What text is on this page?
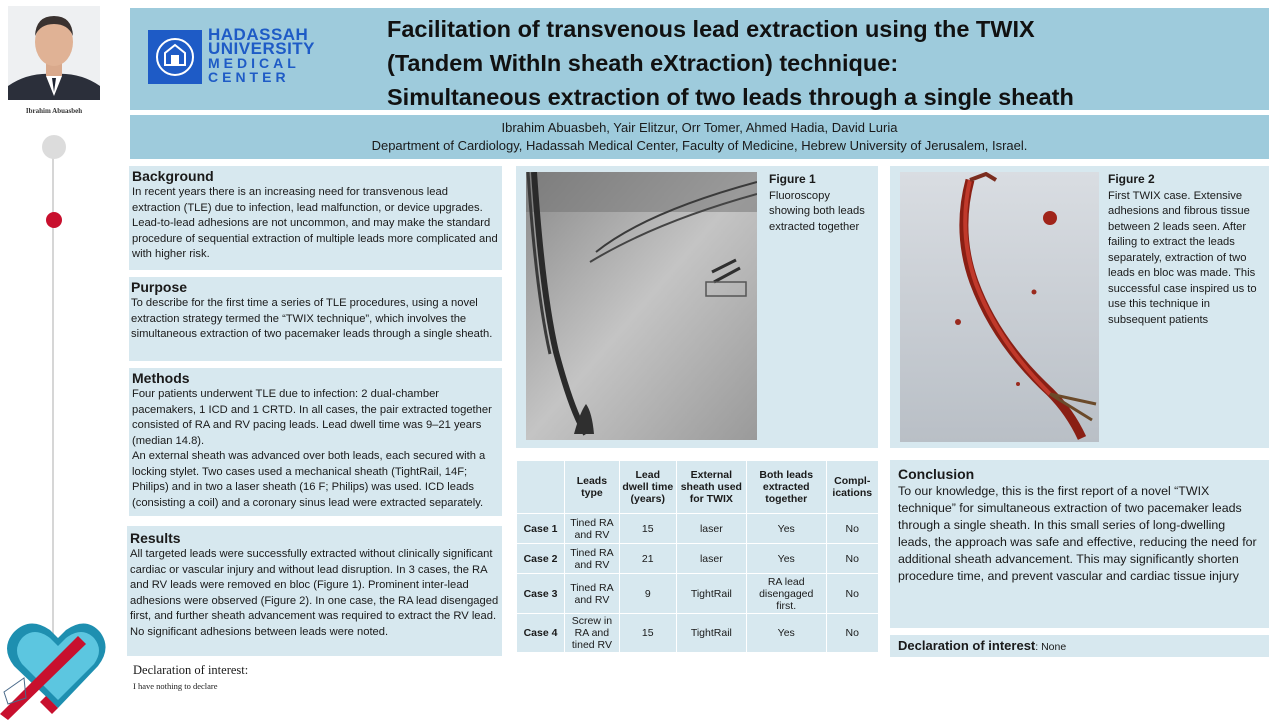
Ibrahim Abuasbeh
HADASSAH
UNIVERSITY
MEDICAL
CENTER
Facilitation of transvenous lead extraction using the TWIX
(Tandem WithIn sheath eXtraction) technique:
Simultaneous extraction of two leads through a single sheath
Ibrahim Abuasbeh, Yair Elitzur, Orr Tomer, Ahmed Hadia, David Luria
Department of Cardiology, Hadassah Medical Center, Faculty of Medicine, Hebrew University of Jerusalem, Israel.
Background

In recent years there is an increasing need for transvenous lead extraction (TLE) due to infection, lead malfunction, or device upgrades. Lead-to-lead adhesions are not uncommon, and may make the standard procedure of sequential extraction of multiple leads more complicated and with higher risk.

Purpose

To describe for the first time a series of TLE procedures, using a novel extraction strategy termed the “TWIX technique”, which involves the simultaneous extraction of two pacemaker leads through a single sheath.

Methods

Four patients underwent TLE due to infection: 2 dual-chamber pacemakers, 1 ICD and 1 CRTD. In all cases, the pair extracted together consisted of RA and RV pacing leads. Lead dwell time was 9–21 years (median 14.8).

An external sheath was advanced over both leads, each secured with a locking stylet. Two cases used a mechanical sheath (TightRail, 14F; Philips) and in two a laser sheath (16 F; Philips) was used. ICD leads (consisting a coil) and a coronary sinus lead were extracted separately.

Results

All targeted leads were successfully extracted without clinically significant cardiac or vascular injury and without lead disruption. In 3 cases, the RA and RV leads were removed en bloc (Figure 1). Prominent inter-lead adhesions were observed (Figure 2). In one case, the RA lead disengaged first, and further sheath advancement was required to extract the RV lead. No significant adhesions between leads were noted.

Declaration of interest:
I have nothing to declare
Figure 1
Fluoroscopy showing both leads extracted together
	Leads type	Lead dwell time (years)	External sheath used for TWIX	Both leads extracted together	Compl-ications
Case 1	Tined RA and RV	15	laser	Yes	No
Case 2	Tined RA and RV	21	laser	Yes	No
Case 3	Tined RA and RV	9	TightRail	RA lead disengaged first.	No
Case 4	Screw in RA and tined RV	15	TightRail	Yes	No
Figure 2
First TWIX case. Extensive adhesions and fibrous tissue between 2 leads seen. After failing to extract the leads separately, extraction of two leads en bloc was made. This successful case inspired us to use this technique in subsequent patients
Conclusion

To our knowledge, this is the first report of a novel “TWIX technique” for simultaneous extraction of two pacemaker leads through a single sheath. In this small series of long-dwelling leads, the approach was safe and effective, reducing the need for additional sheath advancement. This may significantly shorten procedure time, and prevent vascular and cardiac tissue injury

Declaration of interest: None
